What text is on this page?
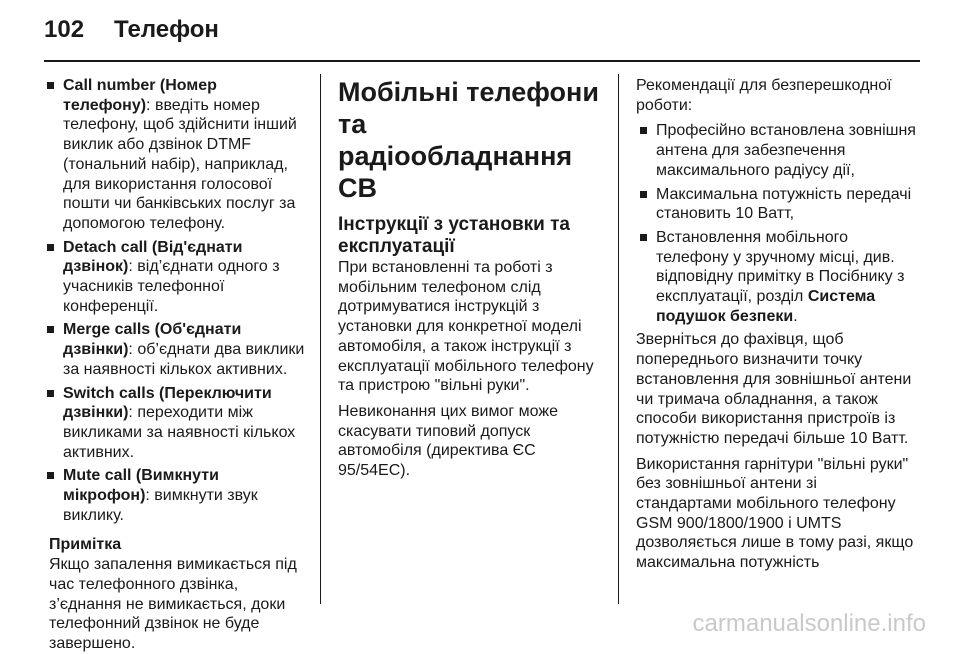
102 Телефон
Call number (Номер телефону): введіть номер телефону, щоб здійснити інший виклик або дзвінок DTMF (тональний набір), наприклад, для використання голосової пошти чи банківських послуг за допомогою телефону.
Detach call (Від'єднати дзвінок): від’єднати одного з учасників телефонної конференції.
Merge calls (Об'єднати дзвінки): об’єднати два виклики за наявності кількох активних.
Switch calls (Переключити дзвінки): переходити між викликами за наявності кількох активних.
Mute call (Вимкнути мікрофон): вимкнути звук виклику.
Примітка
Якщо запалення вимикається під час телефонного дзвінка, з’єднання не вимикається, доки телефонний дзвінок не буде завершено.
Мобільні телефони та радіообладнання СВ
Інструкції з установки та експлуатації

При встановленні та роботі з мобільним телефоном слід дотримуватися інструкцій з установки для конкретної моделі автомобіля, а також інструкції з експлуатації мобільного телефону та пристрою "вільні руки".

Невиконання цих вимог може скасувати типовий допуск автомобіля (директива ЄС 95/54EC).

Рекомендації для безперешкодної роботи:

Професійно встановлена зовнішня антена для забезпечення максимального радіусу дії,
Максимальна потужність передачі становить 10 Ватт,
Встановлення мобільного телефону у зручному місці, див. відповідну примітку в Посібнику з експлуатації, розділ Система подушок безпеки.

Зверніться до фахівця, щоб попереднього визначити точку встановлення для зовнішньої антени чи тримача обладнання, а також способи використання пристроїв із потужністю передачі більше 10 Ватт.

Використання гарнітури "вільні руки" без зовнішньої антени зі стандартами мобільного телефону GSM 900/1800/1900 і UMTS дозволяється лише в тому разі, якщо максимальна потужність

carmanualsonline.info
